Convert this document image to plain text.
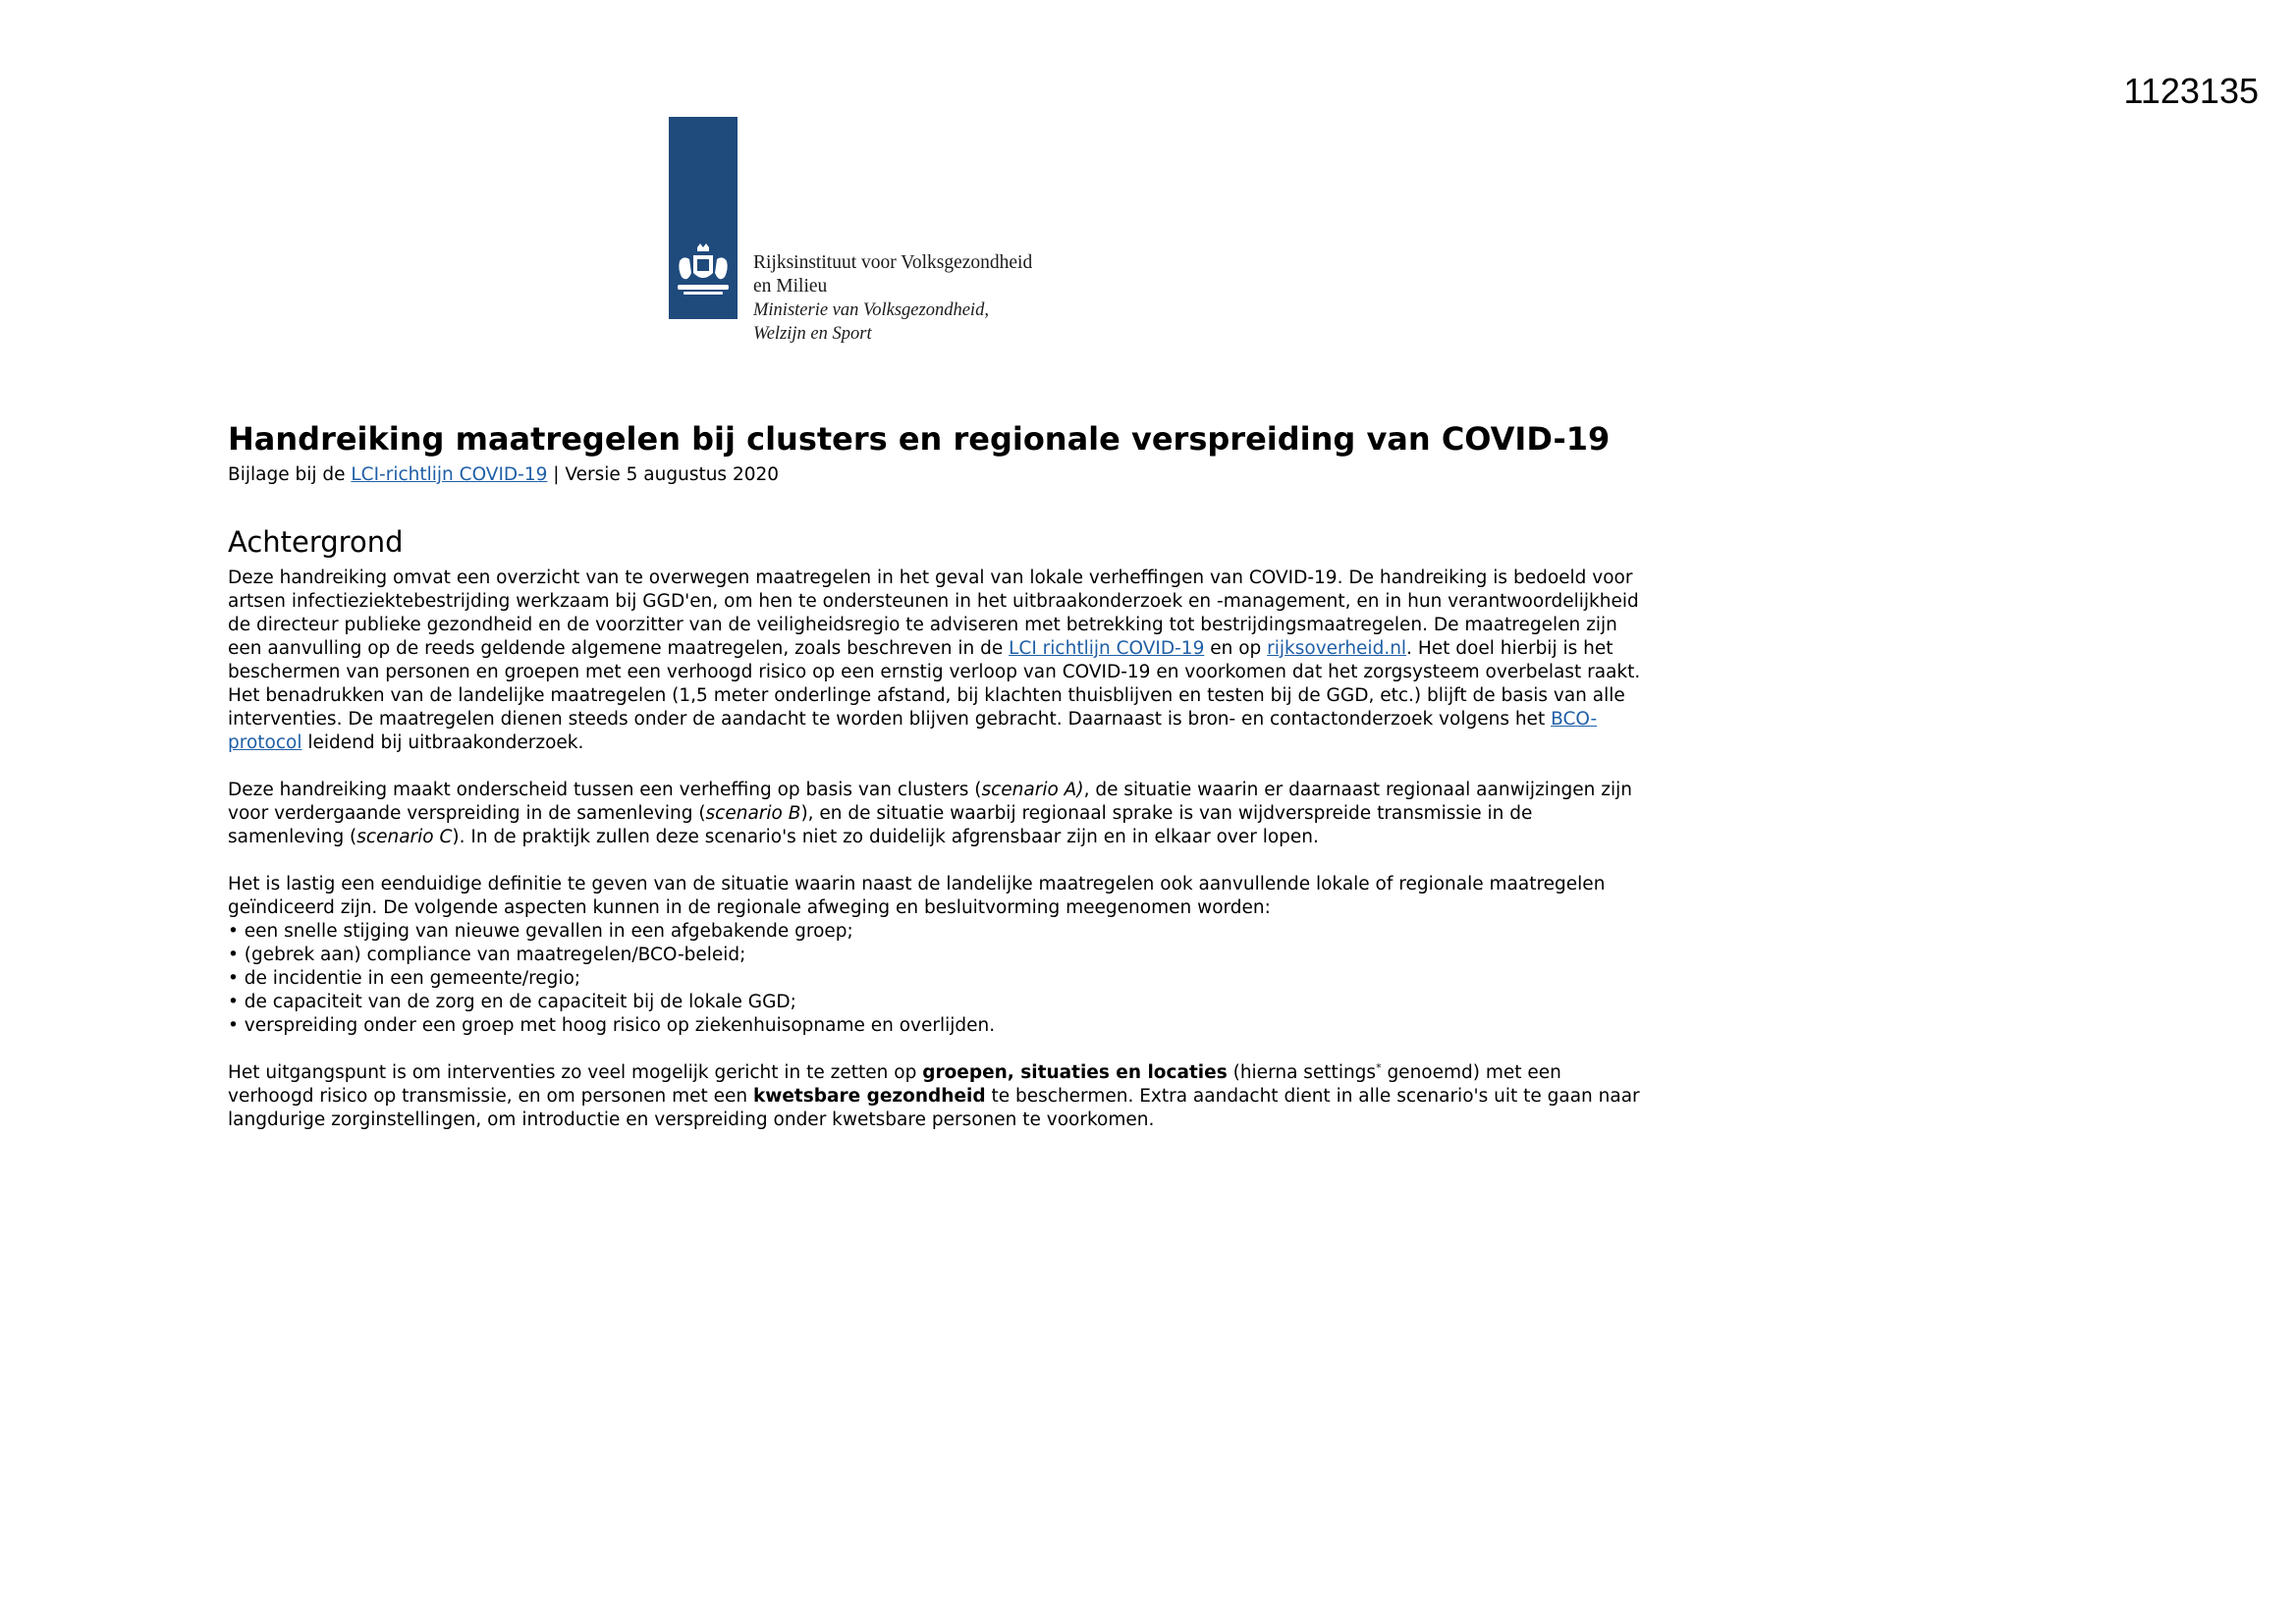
1123135
Rijksinstituut voor Volksgezondheid
en Milieu
Ministerie van Volksgezondheid,
Welzijn en Sport
Handreiking maatregelen bij clusters en regionale verspreiding van COVID-19

Bijlage bij de LCI-richtlijn COVID-19 | Versie 5 augustus 2020

Achtergrond

Deze handreiking omvat een overzicht van te overwegen maatregelen in het geval van lokale verheffingen van COVID-19. De handreiking is bedoeld voor artsen infectieziektebestrijding werkzaam bij GGD'en, om hen te ondersteunen in het uitbraakonderzoek en -management, en in hun verantwoordelijkheid de directeur publieke gezondheid en de voorzitter van de veiligheidsregio te adviseren met betrekking tot bestrijdingsmaatregelen. De maatregelen zijn een aanvulling op de reeds geldende algemene maatregelen, zoals beschreven in de LCI richtlijn COVID-19 en op rijksoverheid.nl. Het doel hierbij is het beschermen van personen en groepen met een verhoogd risico op een ernstig verloop van COVID-19 en voorkomen dat het zorgsysteem overbelast raakt. Het benadrukken van de landelijke maatregelen (1,5 meter onderlinge afstand, bij klachten thuisblijven en testen bij de GGD, etc.) blijft de basis van alle interventies. De maatregelen dienen steeds onder de aandacht te worden blijven gebracht. Daarnaast is bron- en contactonderzoek volgens het BCO-protocol leidend bij uitbraakonderzoek.

Deze handreiking maakt onderscheid tussen een verheffing op basis van clusters (scenario A), de situatie waarin er daarnaast regionaal aanwijzingen zijn voor verdergaande verspreiding in de samenleving (scenario B), en de situatie waarbij regionaal sprake is van wijdverspreide transmissie in de samenleving (scenario C). In de praktijk zullen deze scenario's niet zo duidelijk afgrensbaar zijn en in elkaar over lopen.

Het is lastig een eenduidige definitie te geven van de situatie waarin naast de landelijke maatregelen ook aanvullende lokale of regionale maatregelen geïndiceerd zijn. De volgende aspecten kunnen in de regionale afweging en besluitvorming meegenomen worden:

• een snelle stijging van nieuwe gevallen in een afgebakende groep;
• (gebrek aan) compliance van maatregelen/BCO-beleid;
• de incidentie in een gemeente/regio;
• de capaciteit van de zorg en de capaciteit bij de lokale GGD;
• verspreiding onder een groep met hoog risico op ziekenhuisopname en overlijden.

Het uitgangspunt is om interventies zo veel mogelijk gericht in te zetten op groepen, situaties en locaties (hierna settings* genoemd) met een verhoogd risico op transmissie, en om personen met een kwetsbare gezondheid te beschermen. Extra aandacht dient in alle scenario's uit te gaan naar langdurige zorginstellingen, om introductie en verspreiding onder kwetsbare personen te voorkomen.
